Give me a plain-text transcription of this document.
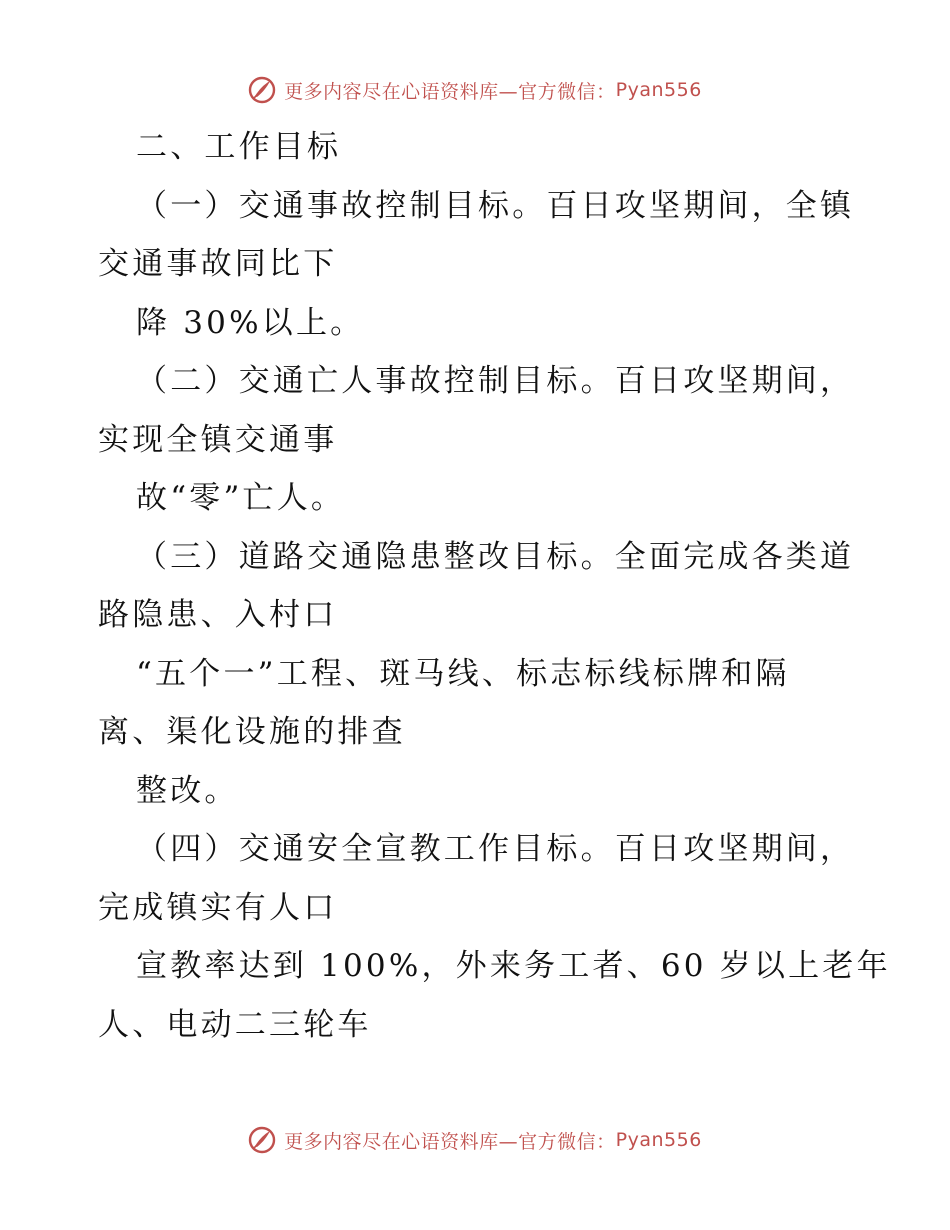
更多内容尽在心语资料库—官方微信： Pyan556
二、工作目标
（一）交通事故控制目标。百日攻坚期间，全镇
交通事故同比下
降 30%以上。
（二）交通亡人事故控制目标。百日攻坚期间，
实现全镇交通事
故“零”亡人。
（三）道路交通隐患整改目标。全面完成各类道
路隐患、入村口
“五个一”工程、斑马线、标志标线标牌和隔
离、渠化设施的排查
整改。
（四）交通安全宣教工作目标。百日攻坚期间，
完成镇实有人口
宣教率达到 100%，外来务工者、60 岁以上老年
人、电动二三轮车
更多内容尽在心语资料库—官方微信： Pyan556
